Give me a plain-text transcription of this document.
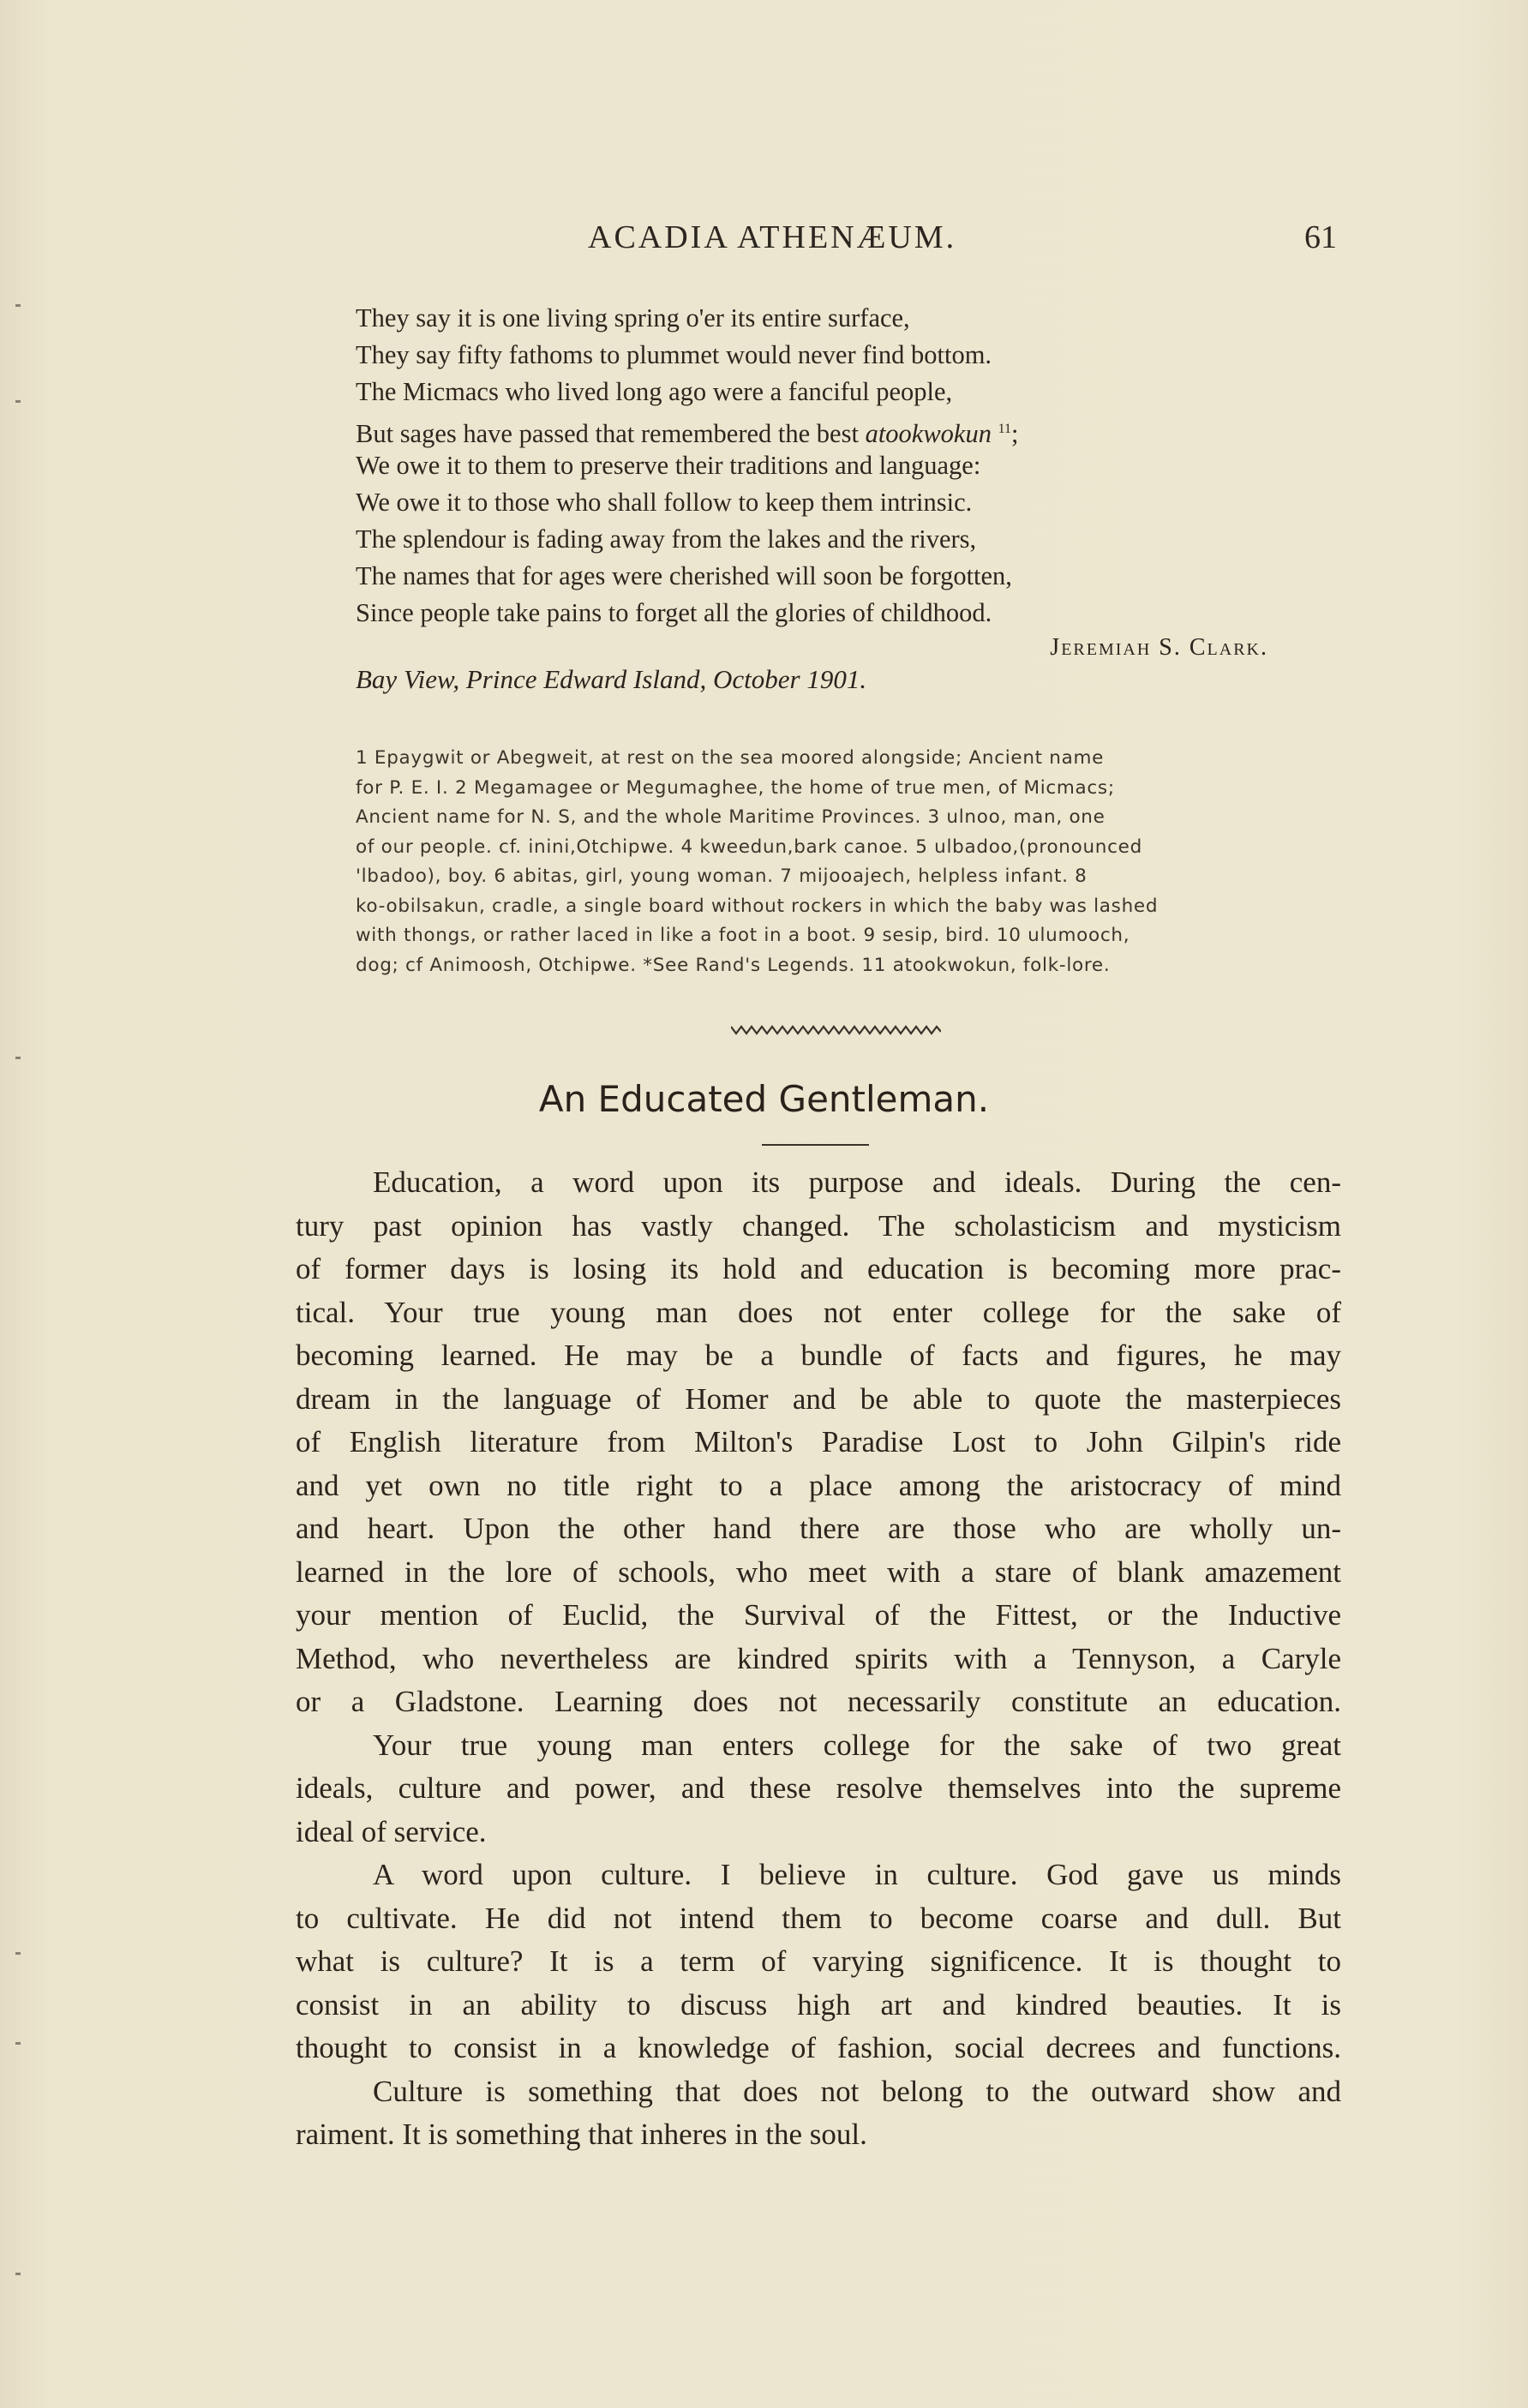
ACADIA ATHENÆUM.	61
They say it is one living spring o'er its entire surface,
They say fifty fathoms to plummet would never find bottom.
The Micmacs who lived long ago were a fanciful people,
But sages have passed that remembered the best atookwokun $^{11}$;
We owe it to them to preserve their traditions and language:
We owe it to those who shall follow to keep them intrinsic.
The splendour is fading away from the lakes and the rivers,
The names that for ages were cherished will soon be forgotten,
Since people take pains to forget all the glories of childhood.
Jeremiah S. Clark.
Bay View, Prince Edward Island, October 1901.
1 Epaygwit or Abegweit, at rest on the sea moored alongside; Ancient name
for P. E. I. 2 Megamagee or Megumaghee, the home of true men, of Micmacs;
Ancient name for N. S, and the whole Maritime Provinces. 3 ulnoo, man, one
of our people. cf. inini,Otchipwe. 4 kweedun,bark canoe. 5 ulbadoo,(pronounced
'lbadoo), boy. 6 abitas, girl, young woman. 7 mijooajech, helpless infant. 8
ko-obilsakun, cradle, a single board without rockers in which the baby was lashed
with thongs, or rather laced in like a foot in a boot. 9 sesip, bird. 10 ulumooch,
dog; cf Animoosh, Otchipwe. *See Rand's Legends. 11 atookwokun, folk-lore.
An Educated Gentleman.
Education, a word upon its purpose and ideals. During the cen-
tury past opinion has vastly changed. The scholasticism and mysticism
of former days is losing its hold and education is becoming more prac-
tical. Your true young man does not enter college for the sake of
becoming learned. He may be a bundle of facts and figures, he may
dream in the language of Homer and be able to quote the masterpieces
of English literature from Milton's Paradise Lost to John Gilpin's ride
and yet own no title right to a place among the aristocracy of mind
and heart. Upon the other hand there are those who are wholly un-
learned in the lore of schools, who meet with a stare of blank amazement
your mention of Euclid, the Survival of the Fittest, or the Inductive
Method, who nevertheless are kindred spirits with a Tennyson, a Caryle
or a Gladstone. Learning does not necessarily constitute an education.
Your true young man enters college for the sake of two great
ideals, culture and power, and these resolve themselves into the supreme
ideal of service.
A word upon culture. I believe in culture. God gave us minds
to cultivate. He did not intend them to become coarse and dull. But
what is culture? It is a term of varying significence. It is thought to
consist in an ability to discuss high art and kindred beauties. It is
thought to consist in a knowledge of fashion, social decrees and functions.
Culture is something that does not belong to the outward show and
raiment. It is something that inheres in the soul.
